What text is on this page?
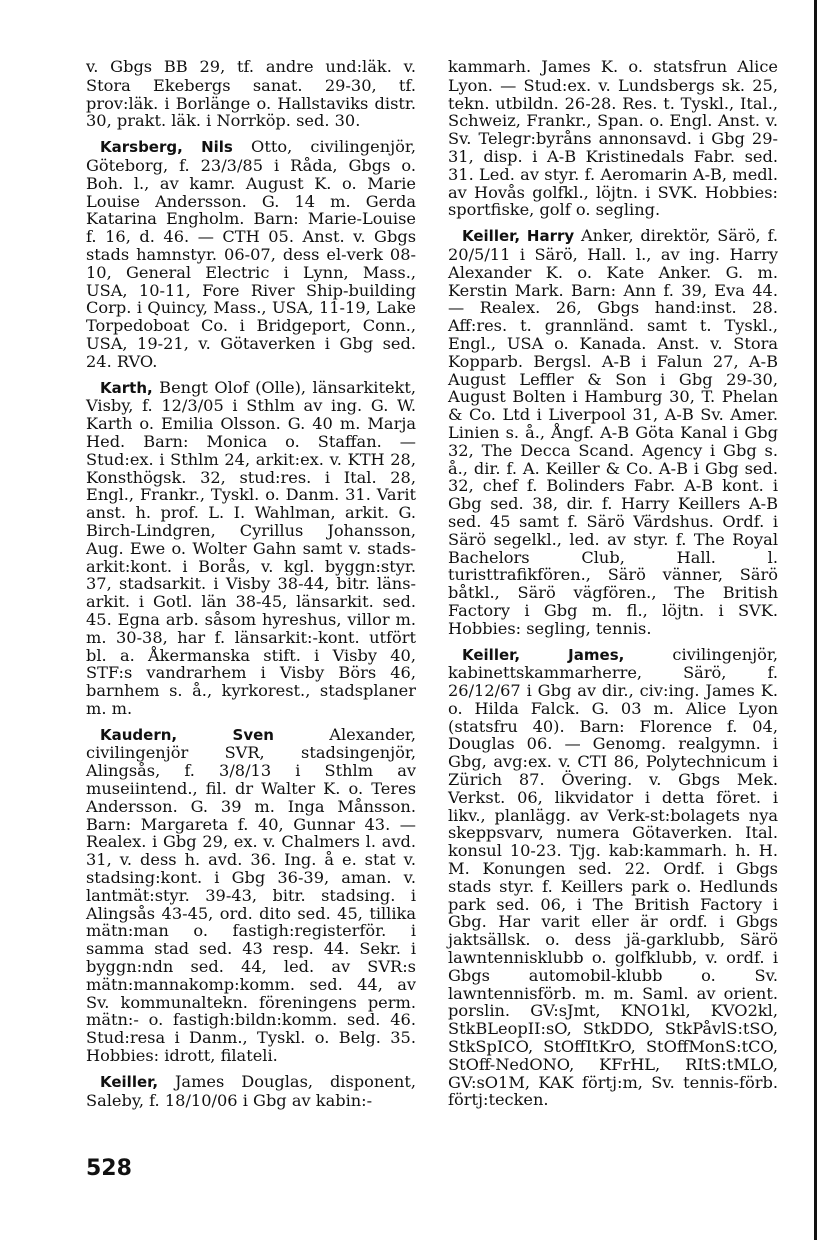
v. Gbgs BB 29, tf. andre und:läk. v. Stora Ekebergs sanat. 29-30, tf. prov:läk. i Borlänge o. Hallstaviks distr. 30, prakt. läk. i Norrköp. sed. 30.

Karsberg, Nils Otto, civilingenjör, Göteborg, f. 23/3/85 i Råda, Gbgs o. Boh. l., av kamr. August K. o. Marie Louise Andersson. G. 14 m. Gerda Katarina Engholm. Barn: Marie-Louise f. 16, d. 46. — CTH 05. Anst. v. Gbgs stads hamnstyr. 06-07, dess el-verk 08-10, General Electric i Lynn, Mass., USA, 10-11, Fore River Ship-building Corp. i Quincy, Mass., USA, 11-19, Lake Torpedoboat Co. i Bridgeport, Conn., USA, 19-21, v. Götaverken i Gbg sed. 24. RVO.

Karth, Bengt Olof (Olle), länsarkitekt, Visby, f. 12/3/05 i Sthlm av ing. G. W. Karth o. Emilia Olsson. G. 40 m. Marja Hed. Barn: Monica o. Staffan. — Stud:ex. i Sthlm 24, arkit:ex. v. KTH 28, Konsthögsk. 32, stud:res. i Ital. 28, Engl., Frankr., Tyskl. o. Danm. 31. Varit anst. h. prof. L. I. Wahlman, arkit. G. Birch-Lindgren, Cyrillus Johansson, Aug. Ewe o. Wolter Gahn samt v. stads-arkit:kont. i Borås, v. kgl. byggn:styr. 37, stadsarkit. i Visby 38-44, bitr. läns-arkit. i Gotl. län 38-45, länsarkit. sed. 45. Egna arb. såsom hyreshus, villor m. m. 30-38, har f. länsarkit:-kont. utfört bl. a. Åkermanska stift. i Visby 40, STF:s vandrarhem i Visby Börs 46, barnhem s. å., kyrkorest., stadsplaner m. m.

Kaudern, Sven Alexander, civilingenjör SVR, stadsingenjör, Alingsås, f. 3/8/13 i Sthlm av museiintend., fil. dr Walter K. o. Teres Andersson. G. 39 m. Inga Månsson. Barn: Margareta f. 40, Gunnar 43. — Realex. i Gbg 29, ex. v. Chalmers l. avd. 31, v. dess h. avd. 36. Ing. å e. stat v. stadsing:kont. i Gbg 36-39, aman. v. lantmät:styr. 39-43, bitr. stadsing. i Alingsås 43-45, ord. dito sed. 45, tillika mätn:man o. fastigh:registerför. i samma stad sed. 43 resp. 44. Sekr. i byggn:ndn sed. 44, led. av SVR:s mätn:mannakomp:komm. sed. 44, av Sv. kommunaltekn. föreningens perm. mätn:- o. fastigh:bildn:komm. sed. 46. Stud:resa i Danm., Tyskl. o. Belg. 35. Hobbies: idrott, filateli.

Keiller, James Douglas, disponent, Saleby, f. 18/10/06 i Gbg av kabin:-

kammarh. James K. o. statsfrun Alice Lyon. — Stud:ex. v. Lundsbergs sk. 25, tekn. utbildn. 26-28. Res. t. Tyskl., Ital., Schweiz, Frankr., Span. o. Engl. Anst. v. Sv. Telegr:byråns annonsavd. i Gbg 29-31, disp. i A-B Kristinedals Fabr. sed. 31. Led. av styr. f. Aeromarin A-B, medl. av Hovås golfkl., löjtn. i SVK. Hobbies: sportfiske, golf o. segling.

Keiller, Harry Anker, direktör, Särö, f. 20/5/11 i Särö, Hall. l., av ing. Harry Alexander K. o. Kate Anker. G. m. Kerstin Mark. Barn: Ann f. 39, Eva 44. — Realex. 26, Gbgs hand:inst. 28. Aff:res. t. grannländ. samt t. Tyskl., Engl., USA o. Kanada. Anst. v. Stora Kopparb. Bergsl. A-B i Falun 27, A-B August Leffler & Son i Gbg 29-30, August Bolten i Hamburg 30, T. Phelan & Co. Ltd i Liverpool 31, A-B Sv. Amer. Linien s. å., Ångf. A-B Göta Kanal i Gbg 32, The Decca Scand. Agency i Gbg s. å., dir. f. A. Keiller & Co. A-B i Gbg sed. 32, chef f. Bolinders Fabr. A-B kont. i Gbg sed. 38, dir. f. Harry Keillers A-B sed. 45 samt f. Särö Värdshus. Ordf. i Särö segelkl., led. av styr. f. The Royal Bachelors Club, Hall. l. turisttrafikfören., Särö vänner, Särö båtkl., Särö vägfören., The British Factory i Gbg m. fl., löjtn. i SVK. Hobbies: segling, tennis.

Keiller, James, civilingenjör, kabinettskammarherre, Särö, f. 26/12/67 i Gbg av dir., civ:ing. James K. o. Hilda Falck. G. 03 m. Alice Lyon (statsfru 40). Barn: Florence f. 04, Douglas 06. — Genomg. realgymn. i Gbg, avg:ex. v. CTI 86, Polytechnicum i Zürich 87. Övering. v. Gbgs Mek. Verkst. 06, likvidator i detta föret. i likv., planlägg. av Verk-st:bolagets nya skeppsvarv, numera Götaverken. Ital. konsul 10-23. Tjg. kab:kammarh. h. H. M. Konungen sed. 22. Ordf. i Gbgs stads styr. f. Keillers park o. Hedlunds park sed. 06, i The British Factory i Gbg. Har varit eller är ordf. i Gbgs jaktsällsk. o. dess jä-garklubb, Särö lawntennisklubb o. golfklubb, v. ordf. i Gbgs automobil-klubb o. Sv. lawntennisförb. m. m. Saml. av orient. porslin. GV:sJmt, KNO1kl, KVO2kl, StkBLeopII:sO, StkDDO, StkPåvlS:tSO, StkSpICO, StOffItKrO, StOffMonS:tCO, StOff-NedONO, KFrHL, RItS:tMLO, GV:sO1M, KAK förtj:m, Sv. tennis-förb. förtj:tecken.

528
